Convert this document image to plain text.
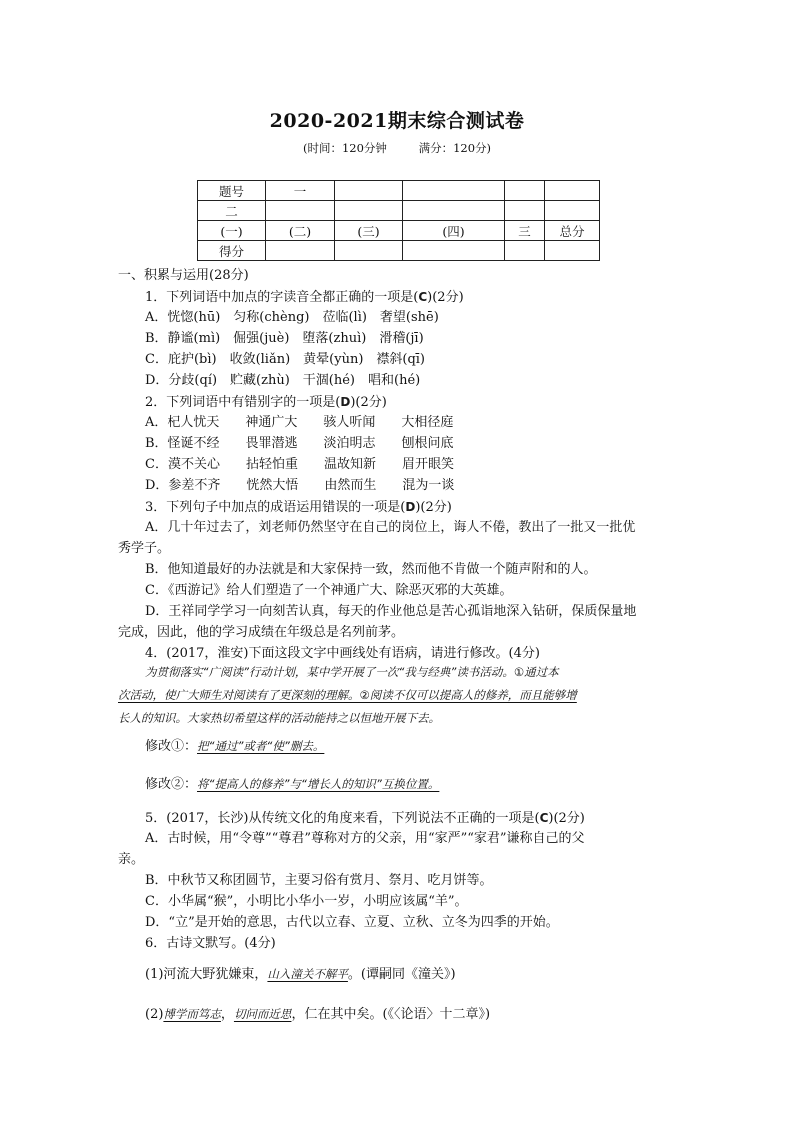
2020-2021期末综合测试卷
(时间：120分钟	满分：120分)
题号	一				
二					
(一)	(二)	(三)	(四)	三	总分
得分					
一、积累与运用(28分)
1．下列词语中加点的字读音全都正确的一项是(C)(2分)
A．恍惚(hū)　匀称(chèng)　莅临(lì)　奢望(shē)
B．静谧(mì)　倔强(juè)　堕落(zhuì)　滑稽(jī)
C．庇护(bì)　收敛(liǎn)　黄晕(yùn)　襟斜(qī)
D．分歧(qí)　贮藏(zhù)　干涸(hé)　唱和(hé)
2．下列词语中有错别字的一项是(D)(2分)
A．杞人忧天　　神通广大　　骇人听闻　　大相径庭
B．怪诞不经　　畏罪潜逃　　淡泊明志　　刨根问底
C．漠不关心　　拈轻怕重　　温故知新　　眉开眼笑
D．参差不齐　　恍然大悟　　由然而生　　混为一谈
3．下列句子中加点的成语运用错误的一项是(D)(2分)
A．几十年过去了，刘老师仍然坚守在自己的岗位上，诲人不倦，教出了一批又一批优
秀学子。
B．他知道最好的办法就是和大家保持一致，然而他不肯做一个随声附和的人。
C．《西游记》给人们塑造了一个神通广大、除恶灭邪的大英雄。
D．王祥同学学习一向刻苦认真，每天的作业他总是苦心孤诣地深入钻研，保质保量地
完成，因此，他的学习成绩在年级总是名列前茅。
4．(2017，淮安)下面这段文字中画线处有语病，请进行修改。(4分)
为贯彻落实“广阅读”行动计划，某中学开展了一次“我与经典”读书活动。①通过本
次活动，使广大师生对阅读有了更深刻的理解。②阅读不仅可以提高人的修养，而且能够增
长人的知识。大家热切希望这样的活动能持之以恒地开展下去。
修改①：把“通过”或者“使”删去。
修改②：将“提高人的修养”与“增长人的知识”互换位置。
5．(2017，长沙)从传统文化的角度来看，下列说法不正确的一项是(C)(2分)
A．古时候，用“令尊”“尊君”尊称对方的父亲，用“家严”“家君”谦称自己的父
亲。
B．中秋节又称团圆节，主要习俗有赏月、祭月、吃月饼等。
C．小华属“猴”，小明比小华小一岁，小明应该属“羊”。
D．“立”是开始的意思，古代以立春、立夏、立秋、立冬为四季的开始。
6．古诗文默写。(4分)
(1)河流大野犹嫌束，山入潼关不解平。(谭嗣同《潼关》)
(2)博学而笃志，切问而近思，仁在其中矣。(《〈论语〉十二章》)
